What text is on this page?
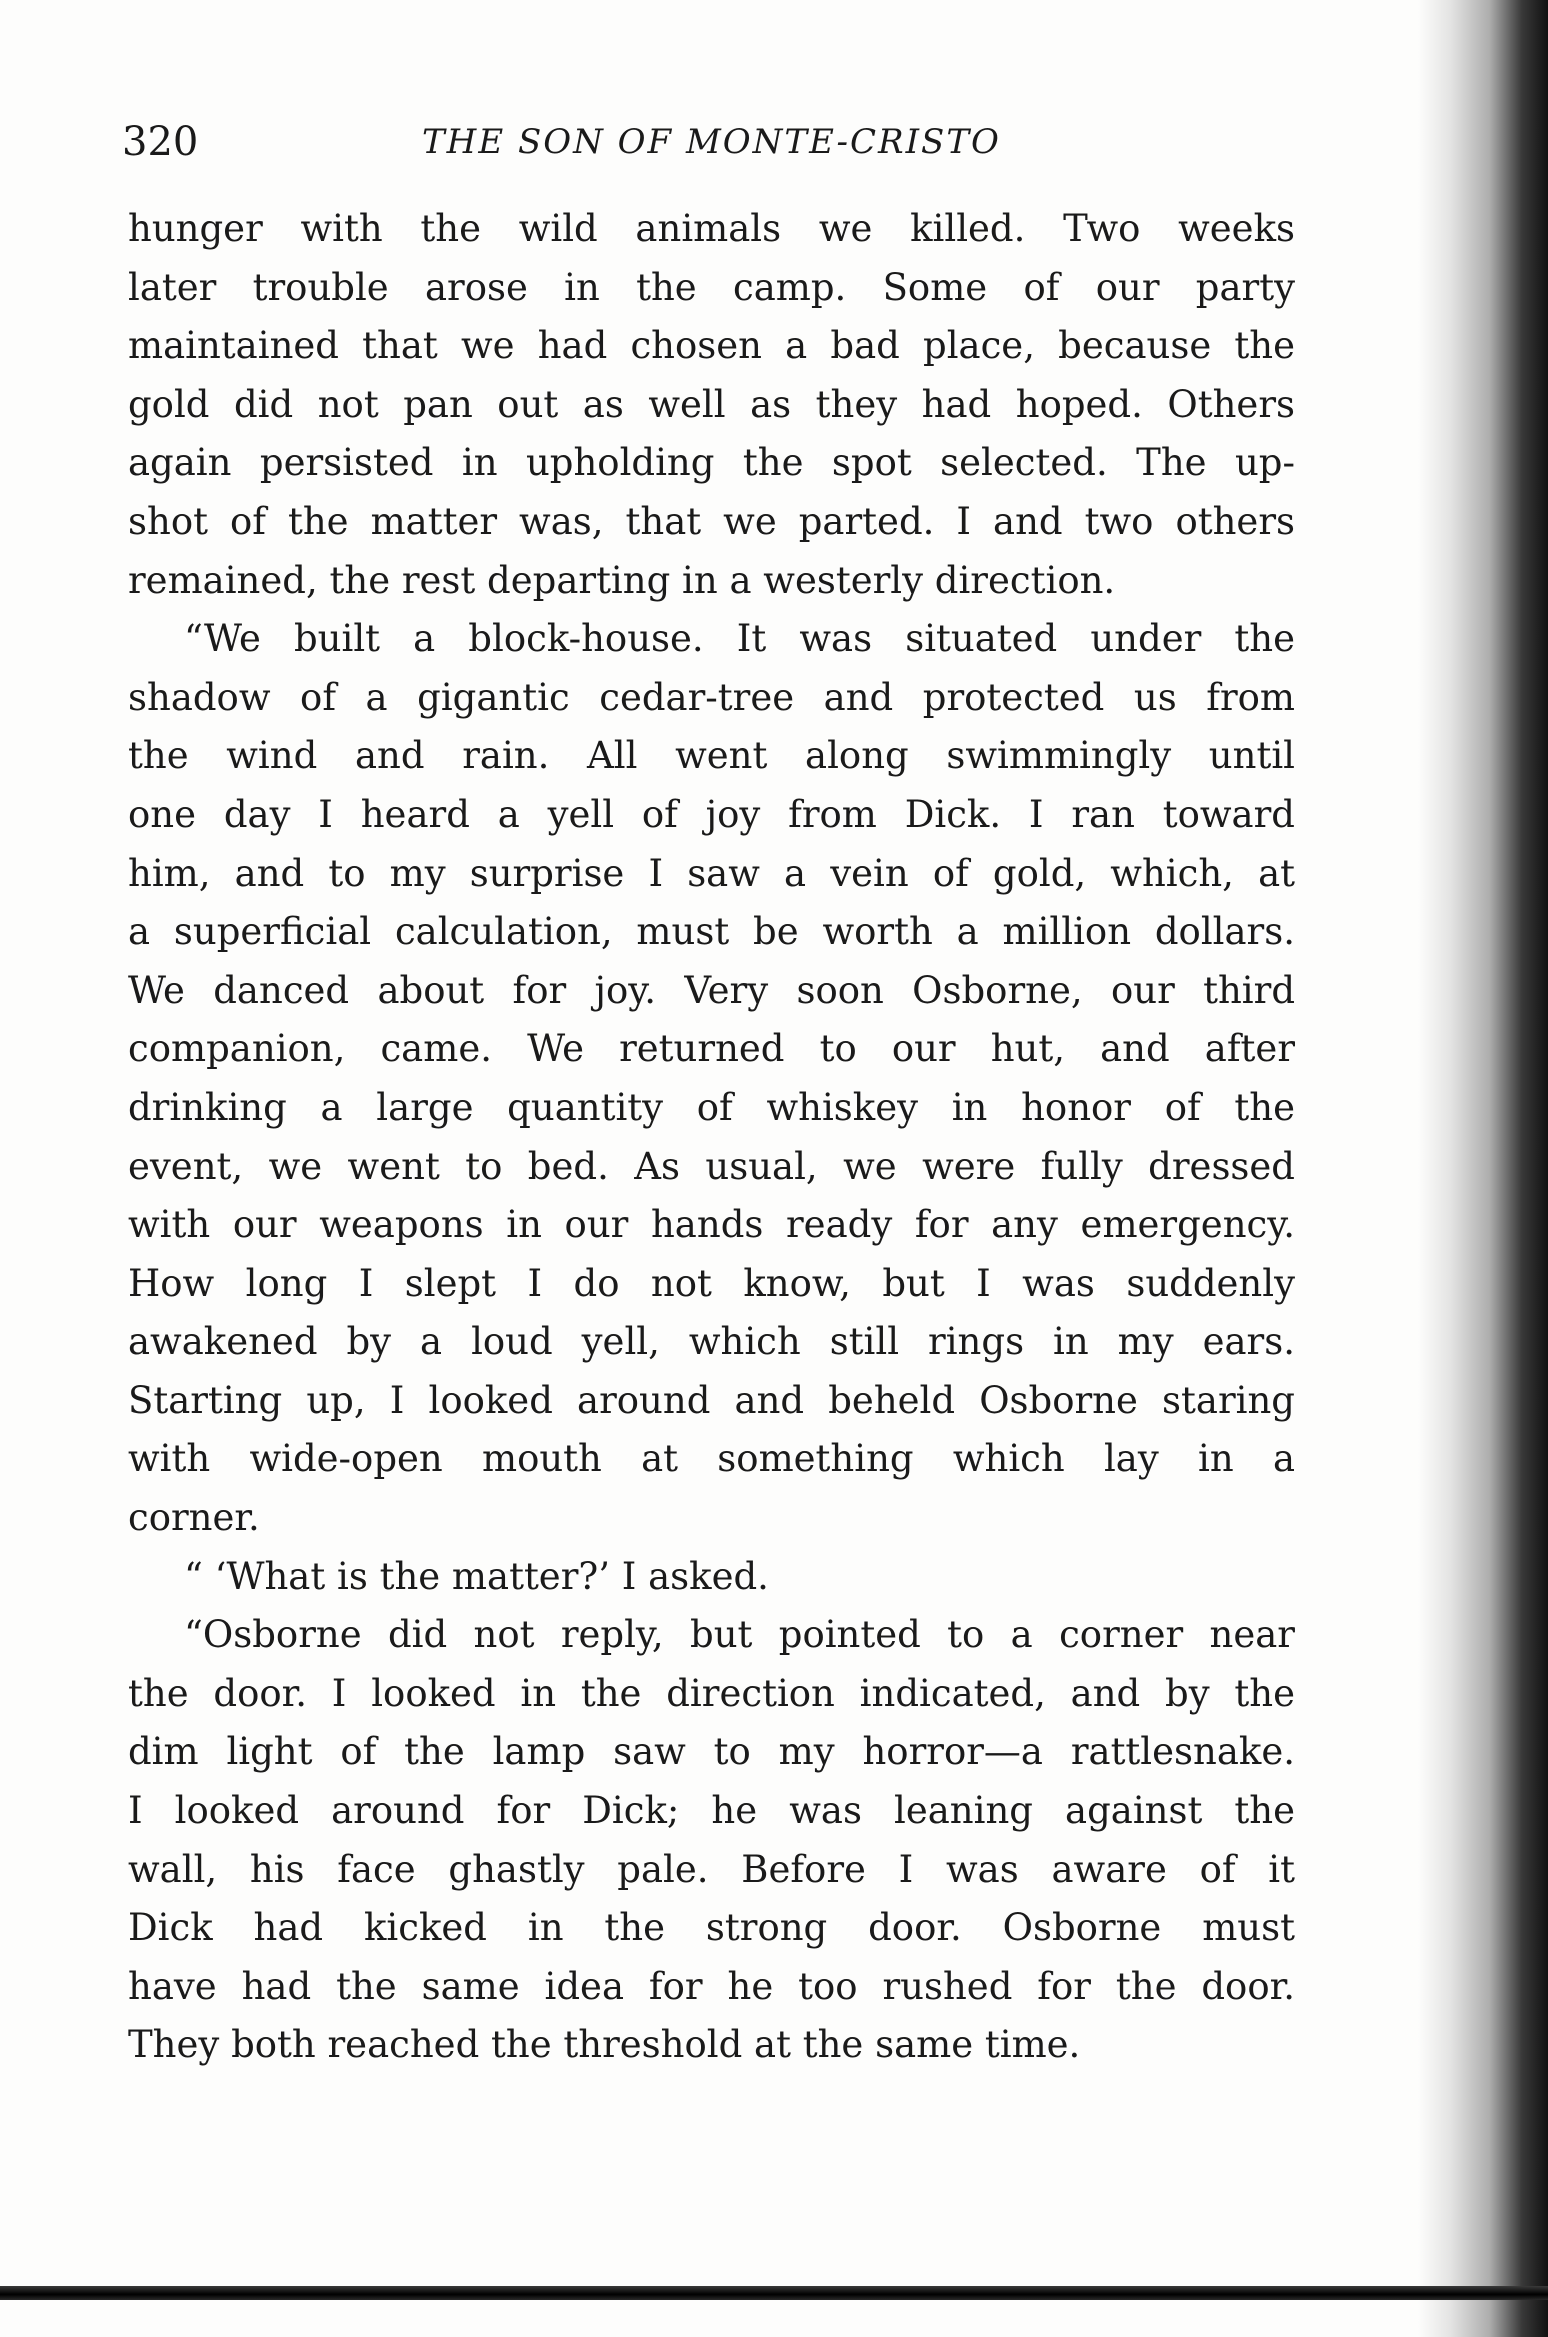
320	THE SON OF MONTE-CRISTO
hunger with the wild animals we killed. Two weeks
later trouble arose in the camp. Some of our party
maintained that we had chosen a bad place, because the
gold did not pan out as well as they had hoped. Others
again persisted in upholding the spot selected. The up-
shot of the matter was, that we parted. I and two others
remained, the rest departing in a westerly direction.
“We built a block-house. It was situated under the
shadow of a gigantic cedar-tree and protected us from
the wind and rain. All went along swimmingly until
one day I heard a yell of joy from Dick. I ran toward
him, and to my surprise I saw a vein of gold, which, at
a superficial calculation, must be worth a million dollars.
We danced about for joy. Very soon Osborne, our third
companion, came. We returned to our hut, and after
drinking a large quantity of whiskey in honor of the
event, we went to bed. As usual, we were fully dressed
with our weapons in our hands ready for any emergency.
How long I slept I do not know, but I was suddenly
awakened by a loud yell, which still rings in my ears.
Starting up, I looked around and beheld Osborne staring
with wide-open mouth at something which lay in a
corner.
“ ‘What is the matter?’ I asked.
“Osborne did not reply, but pointed to a corner near
the door. I looked in the direction indicated, and by the
dim light of the lamp saw to my horror—a rattlesnake.
I looked around for Dick; he was leaning against the
wall, his face ghastly pale. Before I was aware of it
Dick had kicked in the strong door. Osborne must
have had the same idea for he too rushed for the door.
They both reached the threshold at the same time.
